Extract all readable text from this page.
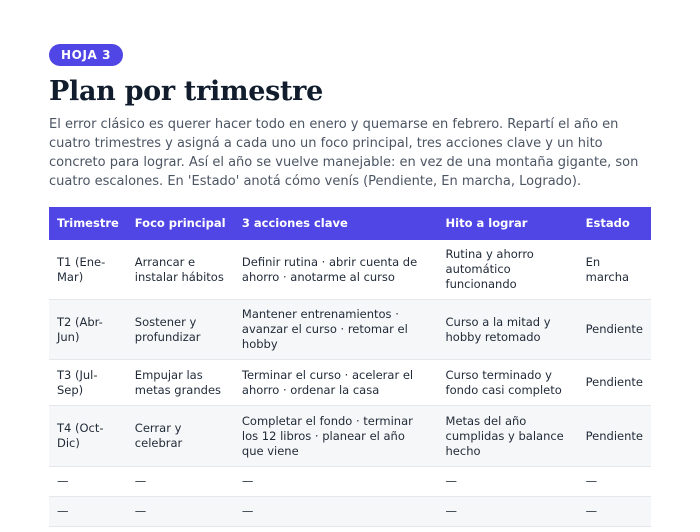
HOJA 3
Plan por trimestre

El error clásico es querer hacer todo en enero y quemarse en febrero. Repartí el año en cuatro trimestres y asigná a cada uno un foco principal, tres acciones clave y un hito concreto para lograr. Así el año se vuelve manejable: en vez de una montaña gigante, son cuatro escalones. En 'Estado' anotá cómo venís (Pendiente, En marcha, Logrado).

Trimestre	Foco principal	3 acciones clave	Hito a lograr	Estado
T1 (Ene-Mar)	Arrancar e instalar hábitos	Definir rutina · abrir cuenta de ahorro · anotarme al curso	Rutina y ahorro automático funcionando	En marcha
T2 (Abr-Jun)	Sostener y profundizar	Mantener entrenamientos · avanzar el curso · retomar el hobby	Curso a la mitad y hobby retomado	Pendiente
T3 (Jul-Sep)	Empujar las metas grandes	Terminar el curso · acelerar el ahorro · ordenar la casa	Curso terminado y fondo casi completo	Pendiente
T4 (Oct-Dic)	Cerrar y celebrar	Completar el fondo · terminar los 12 libros · planear el año que viene	Metas del año cumplidas y balance hecho	Pendiente
—	—	—	—	—
—	—	—	—	—
